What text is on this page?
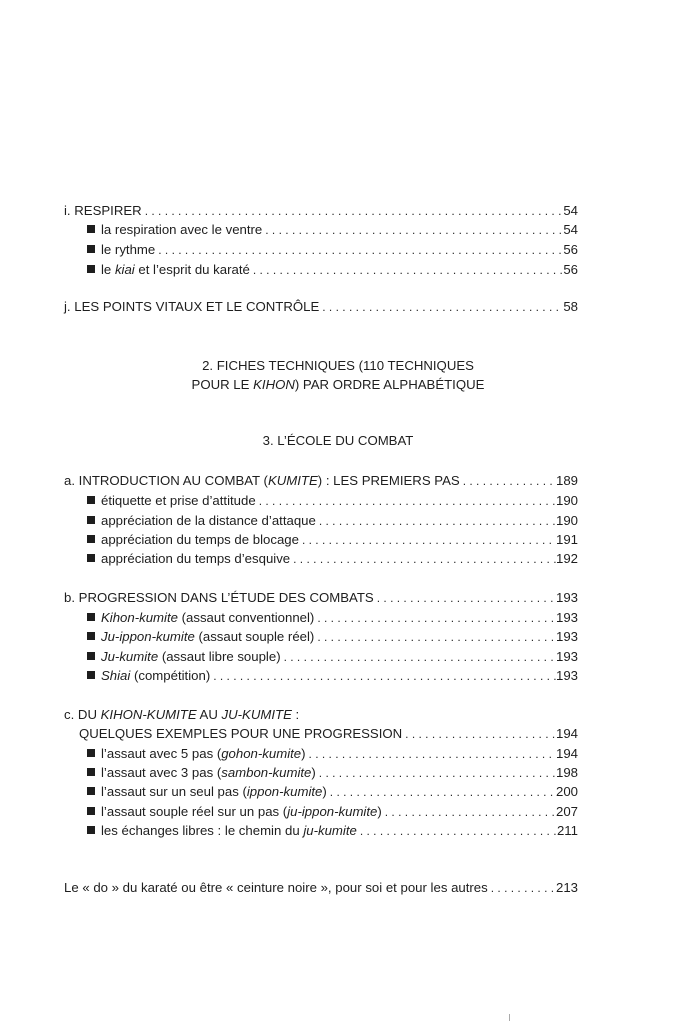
i. RESPIRER . . .	54
la respiration avec le ventre . . .	54
le rythme . . .	56
le kiai et l’esprit du karaté . . .	56
j. LES POINTS VITAUX ET LE CONTRÔLE . . .	58
2. FICHES TECHNIQUES (110 TECHNIQUES
POUR LE KIHON) PAR ORDRE ALPHABÉTIQUE
3. L’ÉCOLE DU COMBAT
a. INTRODUCTION AU COMBAT (KUMITE) : LES PREMIERS PAS . . .	189
étiquette et prise d’attitude . . .	190
appréciation de la distance d’attaque . . .	190
appréciation du temps de blocage . . .	191
appréciation du temps d’esquive . . .	192
b. PROGRESSION DANS L’ÉTUDE DES COMBATS . . .	193
Kihon-kumite (assaut conventionnel) . . .	193
Ju-ippon-kumite (assaut souple réel) . . .	193
Ju-kumite (assaut libre souple) . . .	193
Shiai (compétition) . . .	193
c. DU KIHON-KUMITE AU JU-KUMITE :
QUELQUES EXEMPLES POUR UNE PROGRESSION . . .	194
l’assaut avec 5 pas (gohon-kumite) . . .	194
l’assaut avec 3 pas (sambon-kumite) . . .	198
l’assaut sur un seul pas (ippon-kumite) . . .	200
l’assaut souple réel sur un pas (ju-ippon-kumite) . . .	207
les échanges libres : le chemin du ju-kumite . . .	211
Le « do » du karaté ou être « ceinture noire », pour soi et pour les autres . . .	213
